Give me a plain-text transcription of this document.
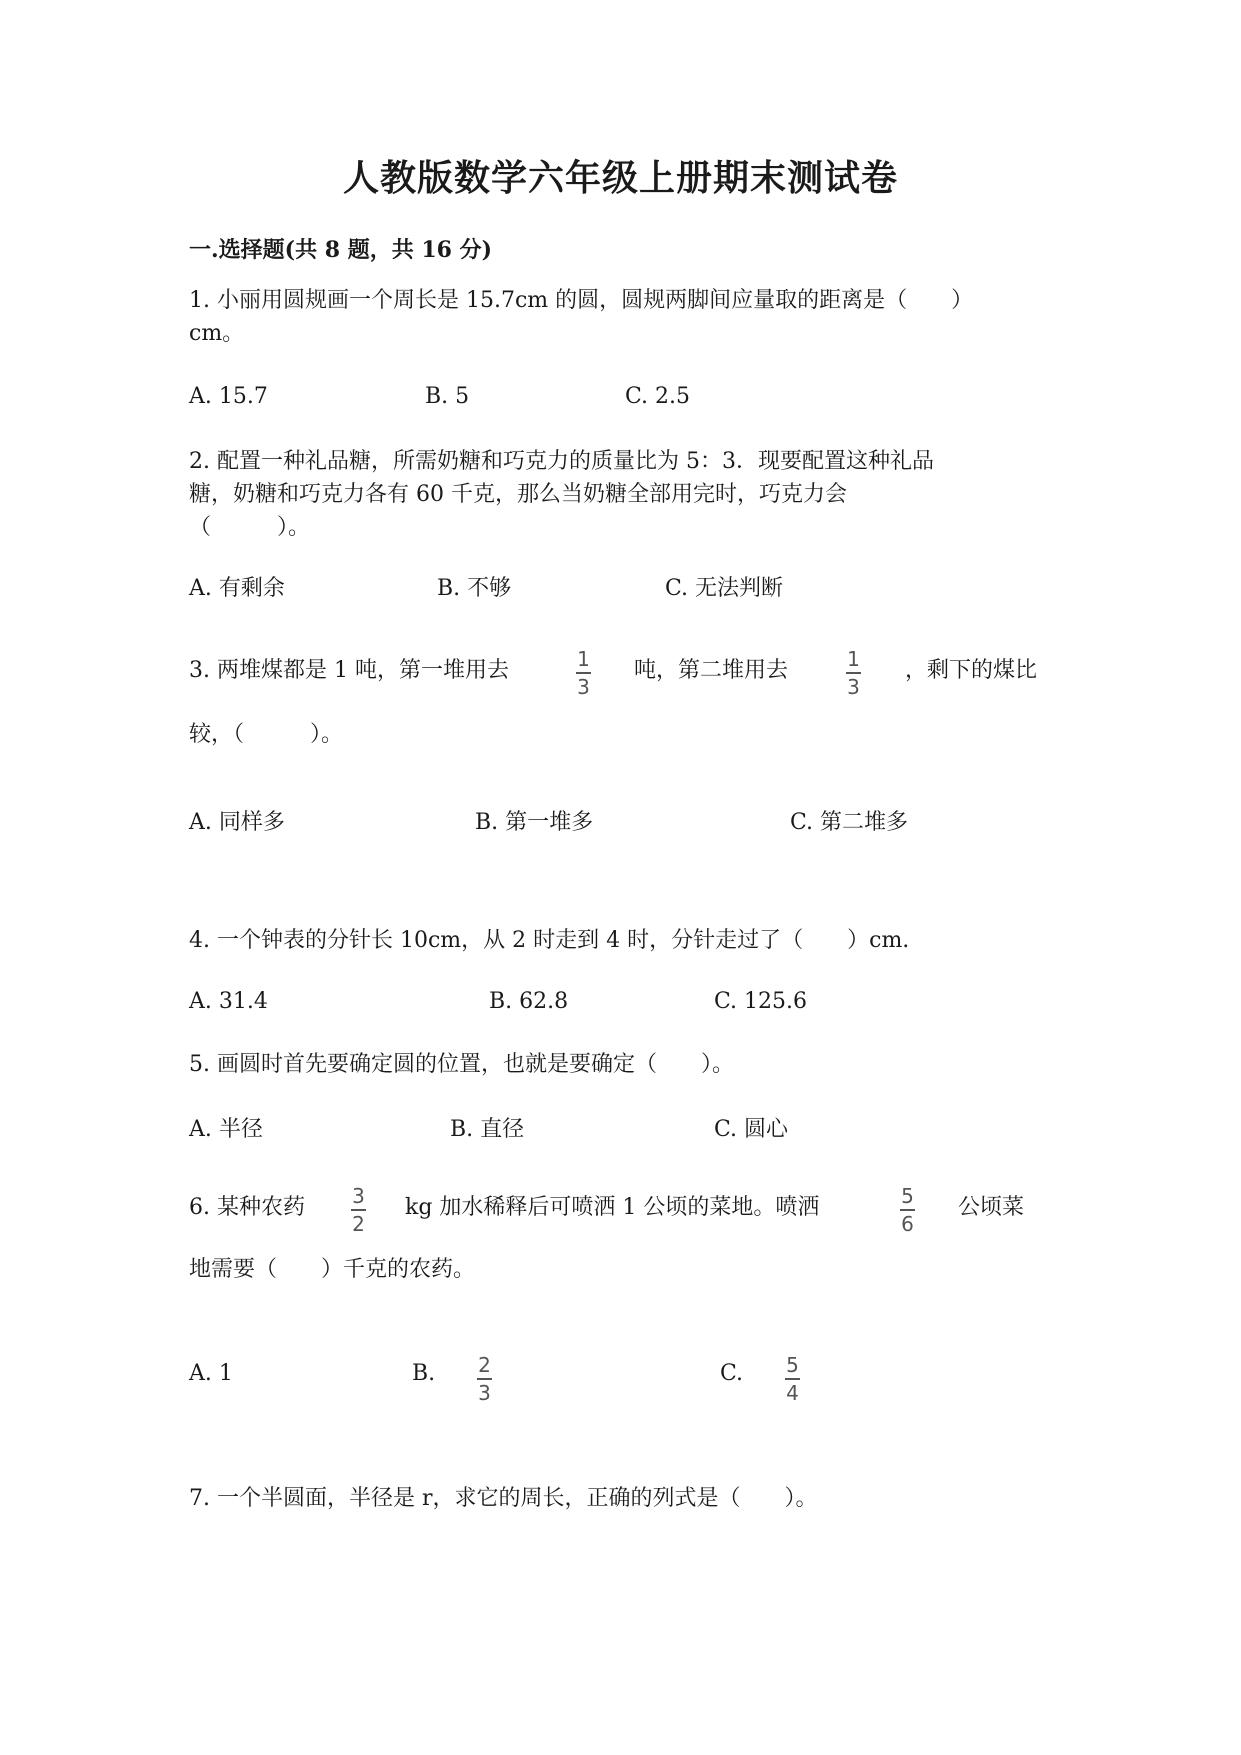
人教版数学六年级上册期末测试卷
一.选择题(共 8 题，共 16 分)
1. 小丽用圆规画一个周长是 15.7cm 的圆，圆规两脚间应量取的距离是（　　）
cm。
A. 15.7	B. 5	C. 2.5
2. 配置一种礼品糖，所需奶糖和巧克力的质量比为 5：3．现要配置这种礼品
糖，奶糖和巧克力各有 60 千克，那么当奶糖全部用完时，巧克力会
（　　　）。
A. 有剩余	B. 不够	C. 无法判断
3. 两堆煤都是 1 吨，第一堆用去	1
3
吨，第二堆用去	1
3
，剩下的煤比
较，（　　　）。
A. 同样多	B. 第一堆多	C. 第二堆多
4. 一个钟表的分针长 10cm，从 2 时走到 4 时，分针走过了（　　）cm.
A. 31.4	B. 62.8	C. 125.6
5. 画圆时首先要确定圆的位置，也就是要确定（　　）。
A. 半径	B. 直径	C. 圆心
6. 某种农药 3
2
kg 加水稀释后可喷洒 1 公顷的菜地。喷洒	5
6
公顷菜
地需要（　　）千克的农药。
A. 1	B. 2
3
C. 5
4
7. 一个半圆面，半径是 r，求它的周长，正确的列式是（　　）。
